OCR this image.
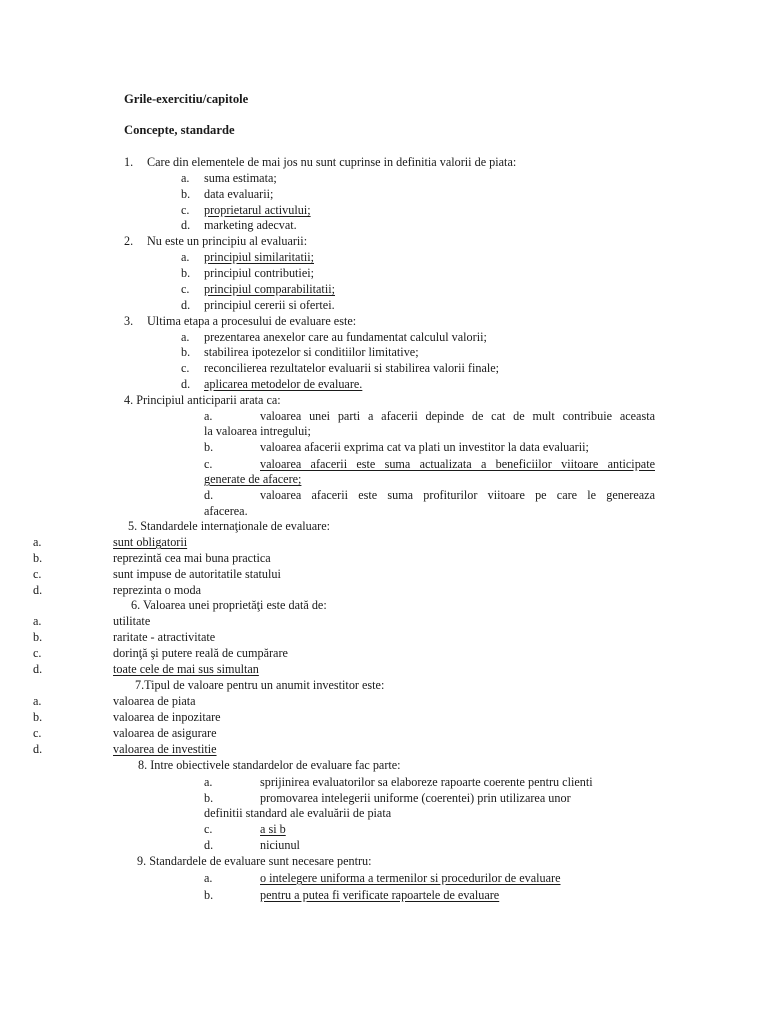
Grile-exercitiu/capitole
Concepte, standarde
1. Care din elementele de mai jos nu sunt cuprinse in definitia valorii de piata:
a. suma estimata;
b. data evaluarii;
c. proprietarul activului;
d. marketing adecvat.
2. Nu este un principiu al evaluarii:
a. principiul similaritatii;
b. principiul contributiei;
c. principiul comparabilitatii;
d. principiul cererii si ofertei.
3. Ultima etapa a procesului de evaluare este:
a. prezentarea anexelor care au fundamentat calculul valorii;
b. stabilirea ipotezelor si conditiilor limitative;
c. reconcilierea rezultatelor evaluarii si stabilirea valorii finale;
d. aplicarea metodelor de evaluare.
4. Principiul anticiparii arata ca:
a.	valoarea unei parti a afacerii depinde de cat de mult contribuie aceasta
la valoarea intregului;
b.	valoarea afacerii exprima cat va plati un investitor la data evaluarii;
c.	valoarea afacerii este suma actualizata a beneficiilor viitoare anticipate
generate de afacere;
d.	valoarea afacerii este suma profiturilor viitoare pe care le genereaza
afacerea.
5. Standardele internaţionale de evaluare:
a.	sunt obligatorii
b.	reprezintă cea mai buna practica
c.	sunt impuse de autoritatile statului
d.	reprezinta o moda
6. Valoarea unei proprietăţi este dată de:
a.	utilitate
b.	raritate - atractivitate
c.	dorinţă şi putere reală de cumpărare
d.	toate cele de mai sus simultan
7.Tipul de valoare pentru un anumit investitor este:
a.	valoarea de piata
b.	valoarea de inpozitare
c.	valoarea de asigurare
d.	valoarea de investitie
8. Intre obiectivele standardelor de evaluare fac parte:
a.	sprijinirea evaluatorilor sa elaboreze rapoarte coerente pentru clienti
b.	promovarea intelegerii uniforme (coerentei) prin utilizarea unor
definitii standard ale evaluării de piata
c.	a si b
d.	niciunul
9. Standardele de evaluare sunt necesare pentru:
a.	o intelegere uniforma a termenilor si procedurilor de evaluare
b.	pentru a putea fi verificate rapoartele de evaluare
